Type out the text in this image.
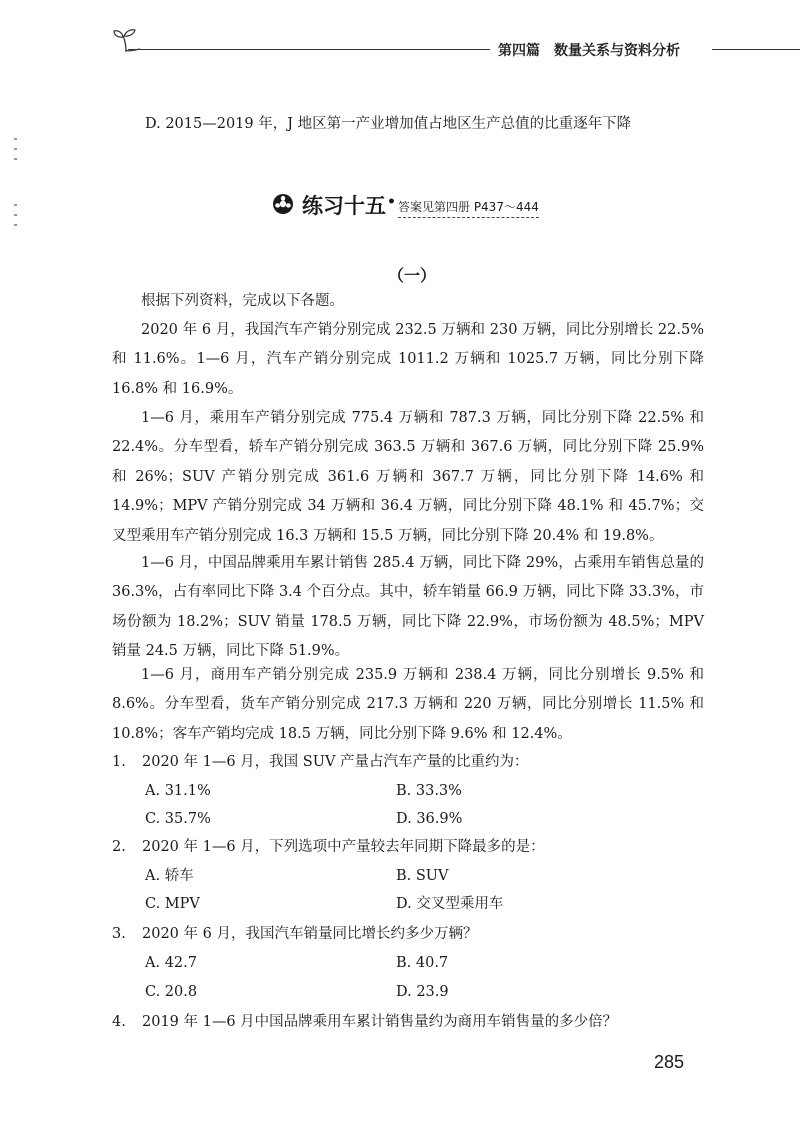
第四篇 数量关系与资料分析
D. 2015—2019 年，J 地区第一产业增加值占地区生产总值的比重逐年下降
练习十五 • 答案见第四册 P437～444
（一）

根据下列资料，完成以下各题。

2020 年 6 月，我国汽车产销分别完成 232.5 万辆和 230 万辆，同比分别增长 22.5% 和 11.6%。1—6 月，汽车产销分别完成 1011.2 万辆和 1025.7 万辆，同比分别下降 16.8% 和 16.9%。

1—6 月，乘用车产销分别完成 775.4 万辆和 787.3 万辆，同比分别下降 22.5% 和 22.4%。分车型看，轿车产销分别完成 363.5 万辆和 367.6 万辆，同比分别下降 25.9% 和 26%；SUV 产销分别完成 361.6 万辆和 367.7 万辆，同比分别下降 14.6% 和 14.9%；MPV 产销分别完成 34 万辆和 36.4 万辆，同比分别下降 48.1% 和 45.7%；交叉型乘用车产销分别完成 16.3 万辆和 15.5 万辆，同比分别下降 20.4% 和 19.8%。

1—6 月，中国品牌乘用车累计销售 285.4 万辆，同比下降 29%，占乘用车销售总量的 36.3%，占有率同比下降 3.4 个百分点。其中，轿车销量 66.9 万辆，同比下降 33.3%，市场份额为 18.2%；SUV 销量 178.5 万辆，同比下降 22.9%，市场份额为 48.5%；MPV 销量 24.5 万辆，同比下降 51.9%。

1—6 月，商用车产销分别完成 235.9 万辆和 238.4 万辆，同比分别增长 9.5% 和 8.6%。分车型看，货车产销分别完成 217.3 万辆和 220 万辆，同比分别增长 11.5% 和 10.8%；客车产销均完成 18.5 万辆，同比分别下降 9.6% 和 12.4%。

1. 2020 年 1—6 月，我国 SUV 产量占汽车产量的比重约为：
A. 31.1%	B. 33.3%
C. 35.7%	D. 36.9%
2. 2020 年 1—6 月，下列选项中产量较去年同期下降最多的是：
A. 轿车	B. SUV
C. MPV	D. 交叉型乘用车
3. 2020 年 6 月，我国汽车销量同比增长约多少万辆？
A. 42.7	B. 40.7
C. 20.8	D. 23.9
4. 2019 年 1—6 月中国品牌乘用车累计销售量约为商用车销售量的多少倍？
285
